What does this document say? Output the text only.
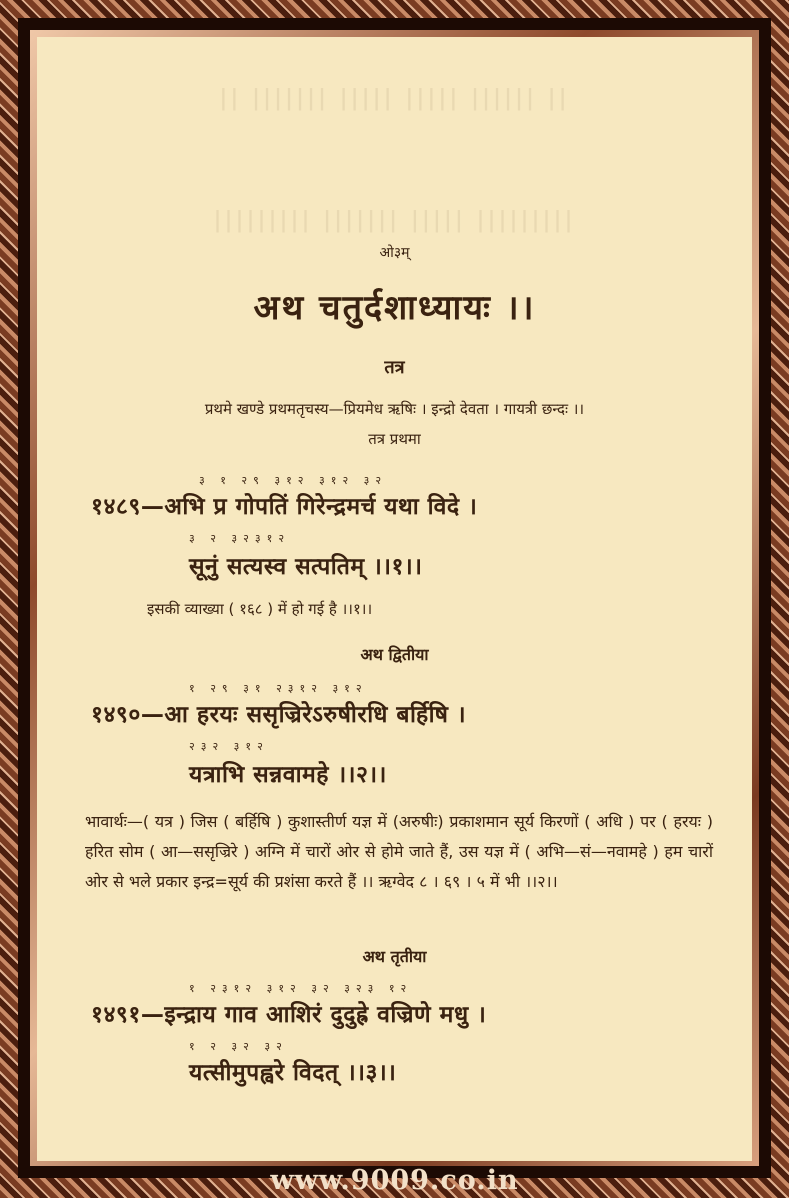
|| ||||||| ||||| ||||| |||||| ||
||||||||| ||||||| ||||| |||||||||
ओ३म्
अथ चतुर्दशाध्यायः ।।
तत्र
प्रथमे खण्डे प्रथमतृचस्य—प्रियमेध ऋषिः । इन्द्रो देवता । गायत्री छन्दः ।।
तत्र प्रथमा
३ १ २९ ३१२ ३१२ ३२
१४८९—अभि प्र गोपतिं गिरेन्द्रमर्च यथा विदे ।
३ २ ३२३१२
सूनुं सत्यस्व सत्पतिम् ।।१।।
इसकी व्याख्या ( १६८ ) में हो गई है ।।१।।
अथ द्वितीया
१ २९ ३१ २३१२ ३१२
१४९०—आ हरयः ससृज्रिरेऽरुषीरधि बर्हिषि ।
२३२ ३१२
यत्राभि सन्नवामहे ।।२।।
भावार्थः—( यत्र ) जिस ( बर्हिषि ) कुशास्तीर्ण यज्ञ में (अरुषीः) प्रकाशमान सूर्य किरणों ( अधि ) पर ( हरयः ) हरित सोम ( आ—ससृज्रिरे ) अग्नि में चारों ओर से होमे जाते हैं, उस यज्ञ में ( अभि—सं—नवामहे ) हम चारों ओर से भले प्रकार इन्द्र=सूर्य की प्रशंसा करते हैं ।। ऋग्वेद ८ । ६९ । ५ में भी ।।२।।
अथ तृतीया
१ २३१२ ३१२ ३२ ३२३ १२
१४९१—इन्द्राय गाव आशिरं दुदुह्रे वज्रिणे मधु ।
१ २ ३२ ३२
यत्सीमुपह्वरे विदत् ।।३।।
www.9009.co.in
